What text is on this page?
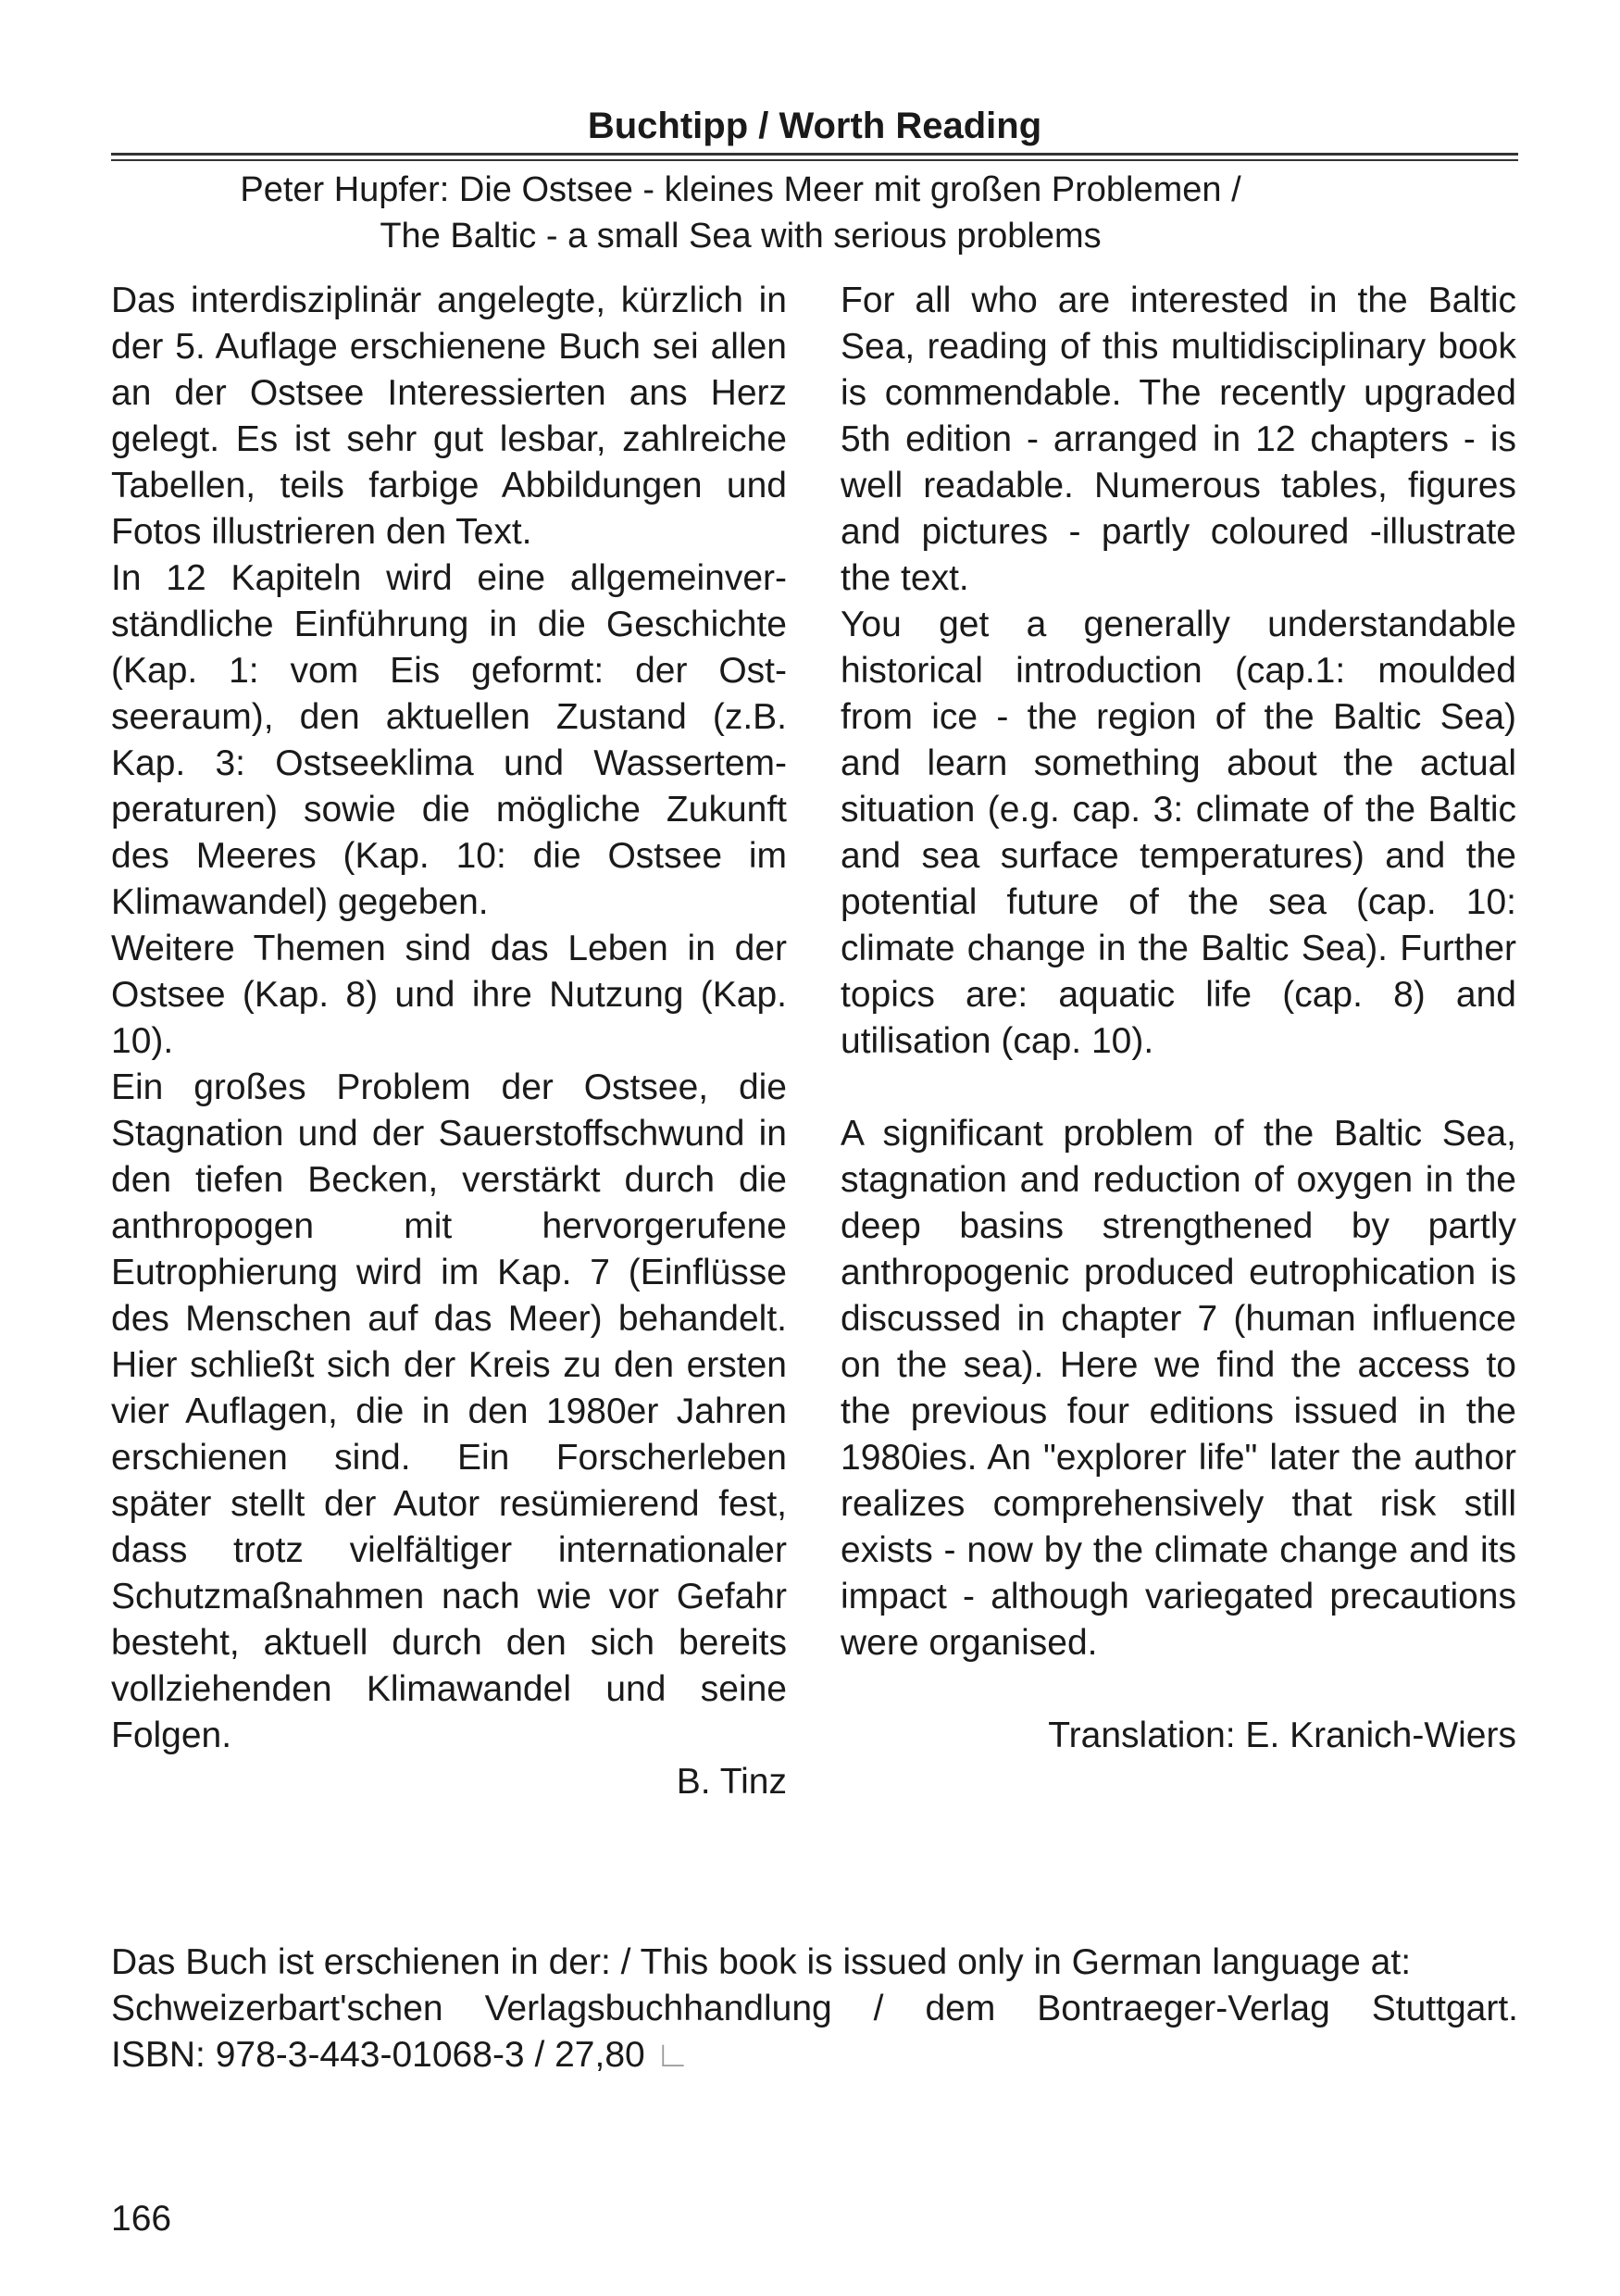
Buchtipp / Worth Reading
Peter Hupfer: Die Ostsee - kleines Meer mit großen Problemen /
The Baltic - a small Sea with serious problems

Das interdisziplinär angelegte, kürzlich in der 5. Auflage erschienene Buch sei allen an der Ostsee Interessierten ans Herz gelegt. Es ist sehr gut lesbar, zahlreiche Tabellen, teils farbige Abbildungen und Fotos illustrieren den Text.

In 12 Kapiteln wird eine allgemeinverständliche Einführung in die Geschichte (Kap. 1: vom Eis geformt: der Ostseeraum), den aktuellen Zustand (z.B. Kap. 3: Ostseeklima und Wassertemperaturen) sowie die mögliche Zukunft des Meeres (Kap. 10: die Ostsee im Klimawandel) gegeben.

Weitere Themen sind das Leben in der Ostsee (Kap. 8) und ihre Nutzung (Kap. 10).

Ein großes Problem der Ostsee, die Stagnation und der Sauerstoffschwund in den tiefen Becken, verstärkt durch die anthropogen mit hervorgerufene Eutrophierung wird im Kap. 7 (Einflüsse des Menschen auf das Meer) behandelt. Hier schließt sich der Kreis zu den ersten vier Auflagen, die in den 1980er Jahren erschienen sind. Ein Forscherleben später stellt der Autor resümierend fest, dass trotz vielfältiger internationaler Schutzmaßnahmen nach wie vor Gefahr besteht, aktuell durch den sich bereits vollziehenden Klimawandel und seine Folgen.

B. Tinz

For all who are interested in the Baltic Sea, reading of this multidisciplinary book is commendable. The recently upgraded 5th edition - arranged in 12 chapters - is well readable. Numerous tables, figures and pictures - partly coloured -illustrate the text.

You get a generally understandable historical introduction (cap.1: moulded from ice - the region of the Baltic Sea) and learn something about the actual situation (e.g. cap. 3: climate of the Baltic and sea surface temperatures) and the potential future of the sea (cap. 10: climate change in the Baltic Sea). Further topics are: aquatic life (cap. 8) and utilisation (cap. 10).

A significant problem of the Baltic Sea, stagnation and reduction of oxygen in the deep basins strengthened by partly anthropogenic produced eutrophication is discussed in chapter 7 (human influence on the sea). Here we find the access to the previous four editions issued in the 1980ies. An "explorer life" later the author realizes comprehensively that risk still exists - now by the climate change and its impact - although variegated precautions were organised.

Translation: E. Kranich-Wiers

Das Buch ist erschienen in der: / This book is issued only in German language at:
Schweizerbart'schen Verlagsbuchhandlung / dem Bontraeger-Verlag Stuttgart.
ISBN: 978-3-443-01068-3 / 27,80 ∟
166
